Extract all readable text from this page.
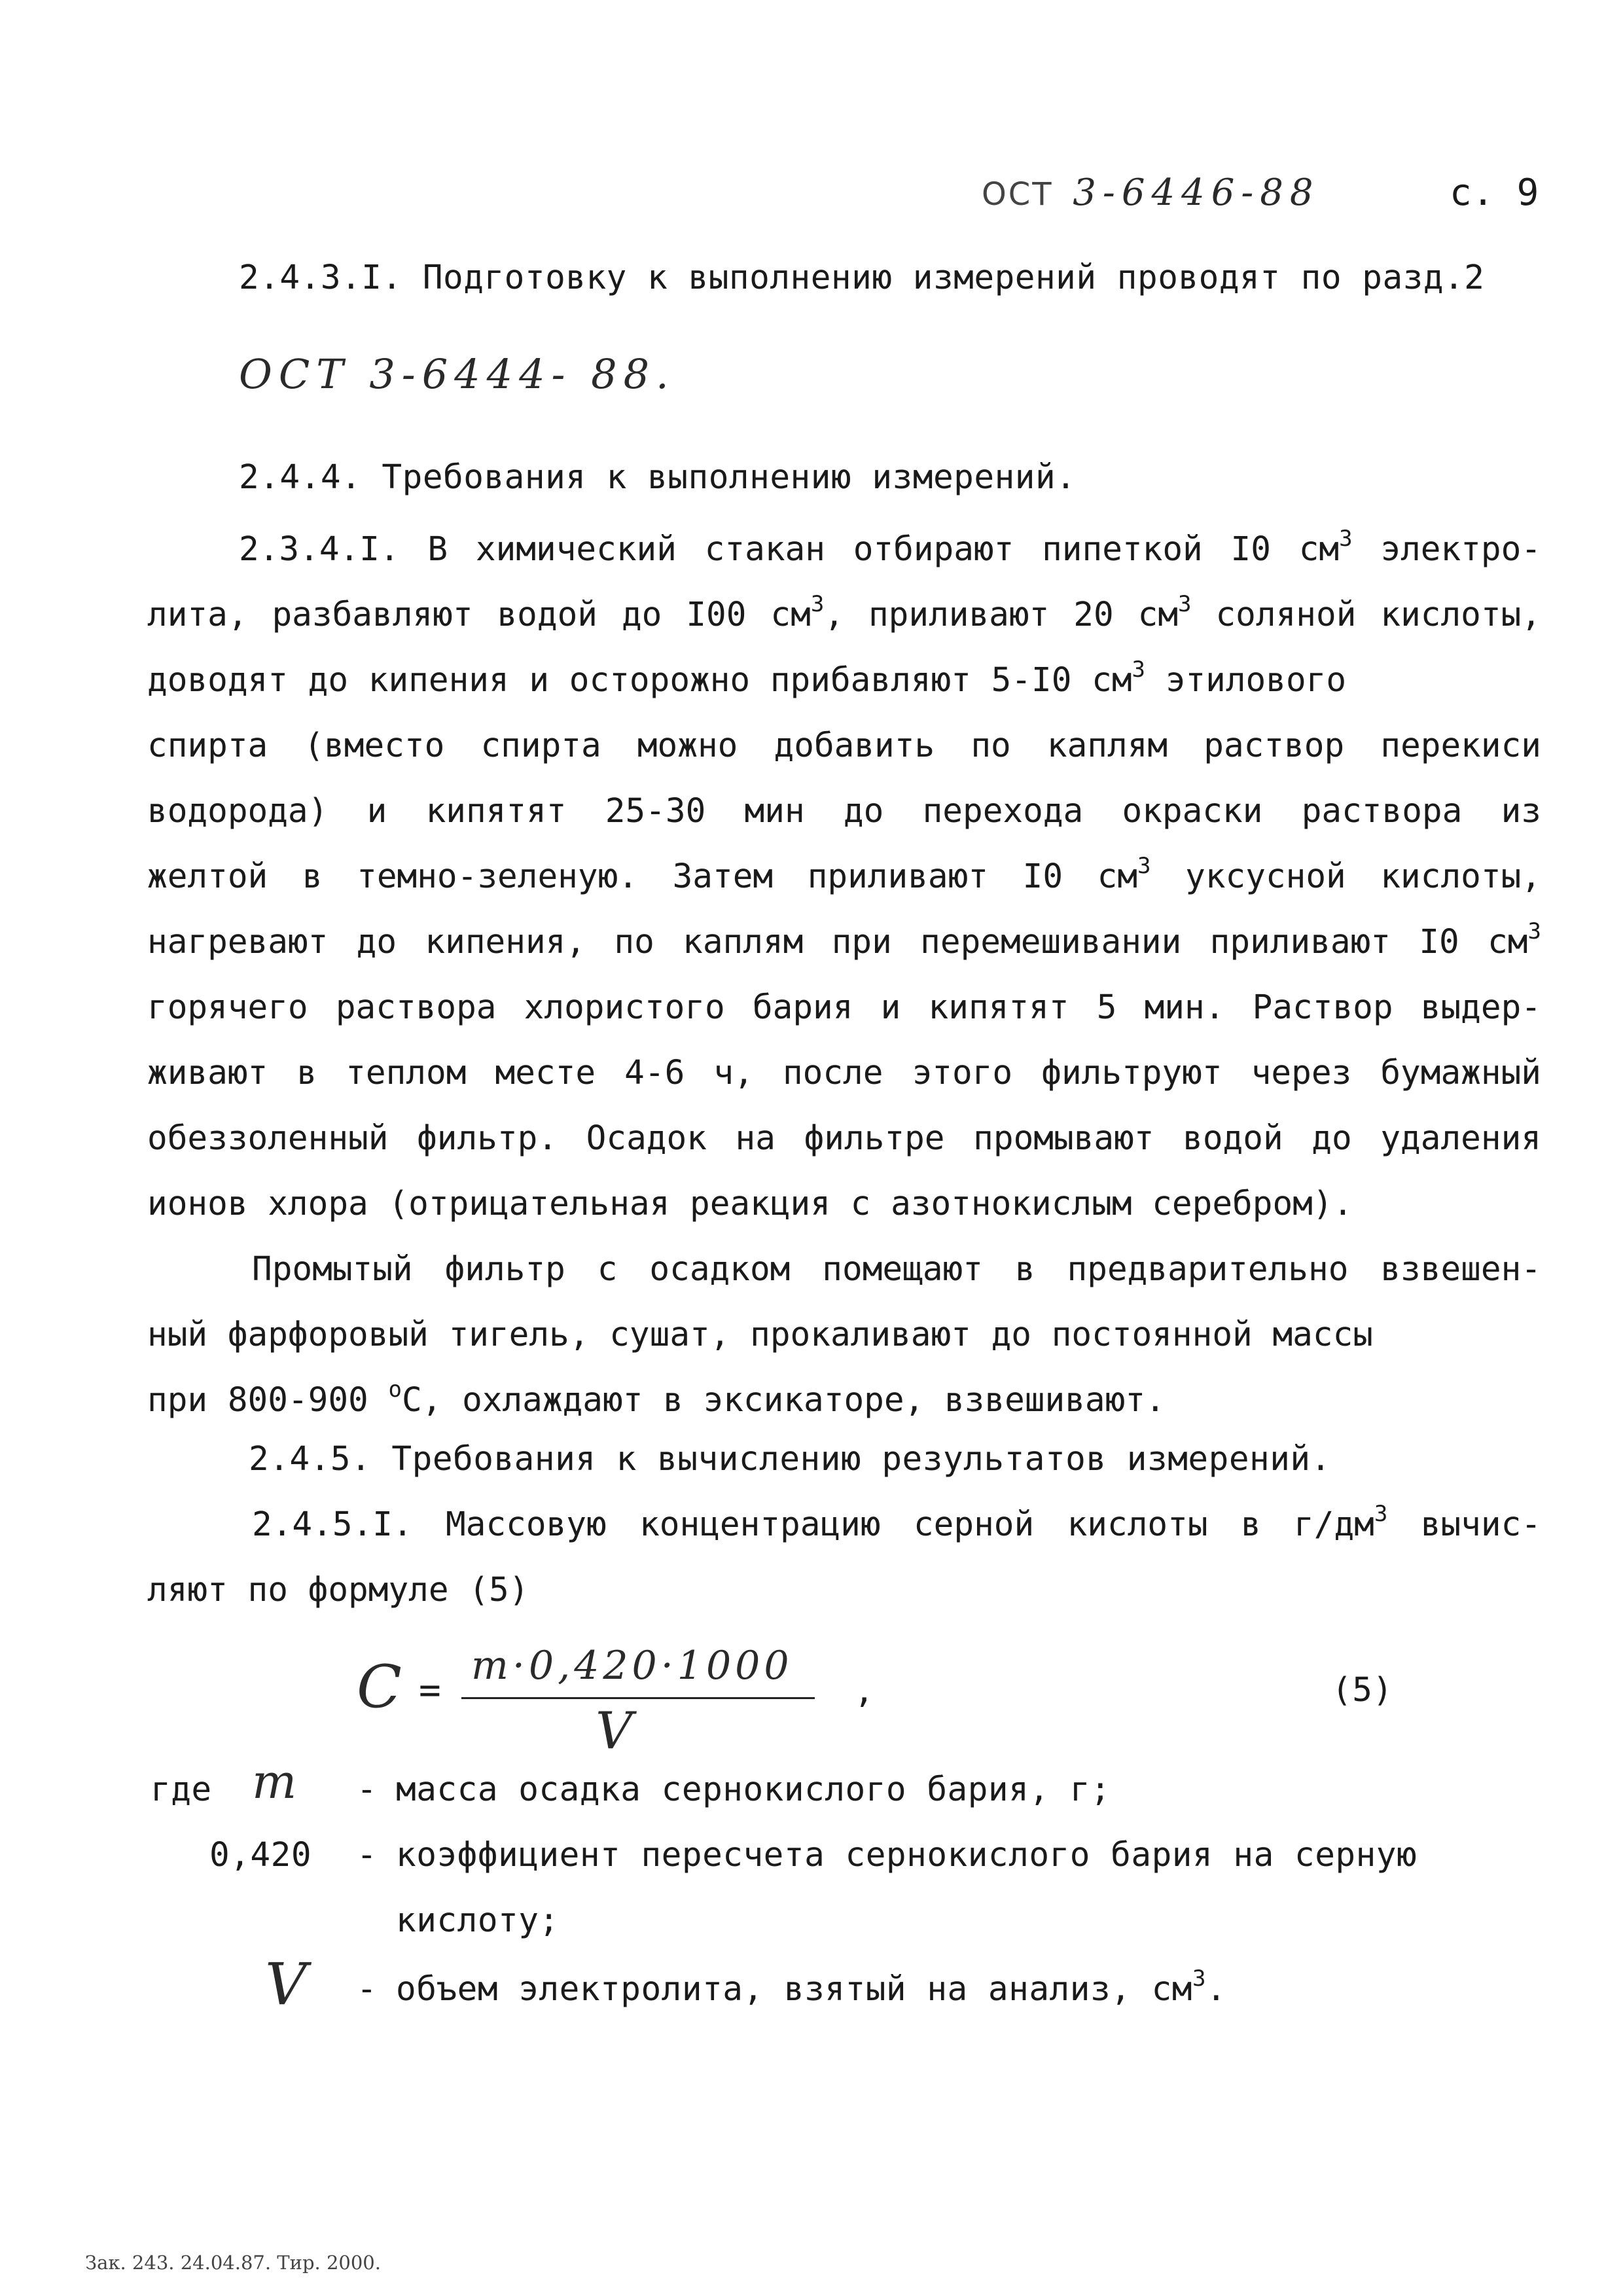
ОСТ 3-6446-88	с. 9
2.4.3.I. Подготовку к выполнению измерений проводят по разд.2
ОСТ 3-6444- 88.
2.4.4. Требования к выполнению измерений.
2.3.4.I. В химический стакан отбирают пипеткой I0 $см^3$ электро-
лита, разбавляют водой до I00 $см^3$, приливают 20 $см^3$ соляной кислоты,
доводят до кипения и осторожно прибавляют 5-I0 $см^3$ этилового
спирта (вместо спирта можно добавить по каплям раствор перекиси
водорода) и кипятят 25-30 мин до перехода окраски раствора из
желтой в темно-зеленую. Затем приливают I0 $см^3$ уксусной кислоты,
нагревают до кипения, по каплям при перемешивании приливают I0 $см^3$
горячего раствора хлористого бария и кипятят 5 мин. Раствор выдер-
живают в теплом месте 4-6 ч, после этого фильтруют через бумажный
обеззоленный фильтр. Осадок на фильтре промывают водой до удаления
ионов хлора (отрицательная реакция с азотнокислым серебром).
Промытый фильтр с осадком помещают в предварительно взвешен-
ный фарфоровый тигель, сушат, прокаливают до постоянной массы
при 800-900 $^o$C, охлаждают в эксикаторе, взвешивают.
2.4.5. Требования к вычислению результатов измерений.
2.4.5.I. Массовую концентрацию серной кислоты в $г/дм^3$ вычис-
ляют по формуле (5)
C =
m·0,420·1000
V
,	(5)
где m - масса осадка сернокислого бария, г;
0,420 - коэффициент пересчета сернокислого бария на серную
кислоту;
V - объем электролита, взятый на анализ, $см^3$.
Зак. 243. 24.04.87. Тир. 2000.
